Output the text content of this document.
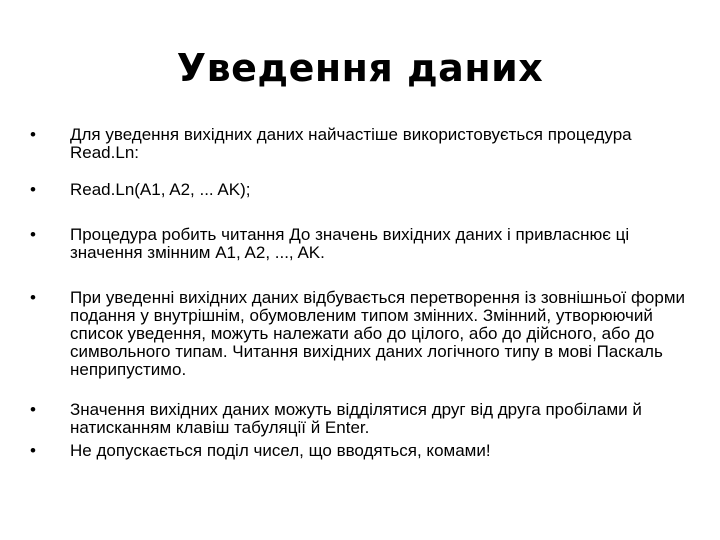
Уведення даних
• Для уведення вихідних даних найчастіше використовується процедура Read.Ln:
• Read.Ln(A1, A2, ... AK);
• Процедура робить читання До значень вихідних даних і привласнює ці значення змінним A1, A2, ..., AK.
• При уведенні вихідних даних відбувається перетворення із зовнішньої форми подання у внутрішнім, обумовленим типом змінних. Змінний, утворюючий список уведення, можуть належати або до цілого, або до дійсного, або до символьного типам. Читання вихідних даних логічного типу в мові Паскаль неприпустимо.
• Значення вихідних даних можуть відділятися друг від друга пробілами й натисканням клавіш табуляції й Enter.
• Не допускається поділ чисел, що вводяться, комами!
